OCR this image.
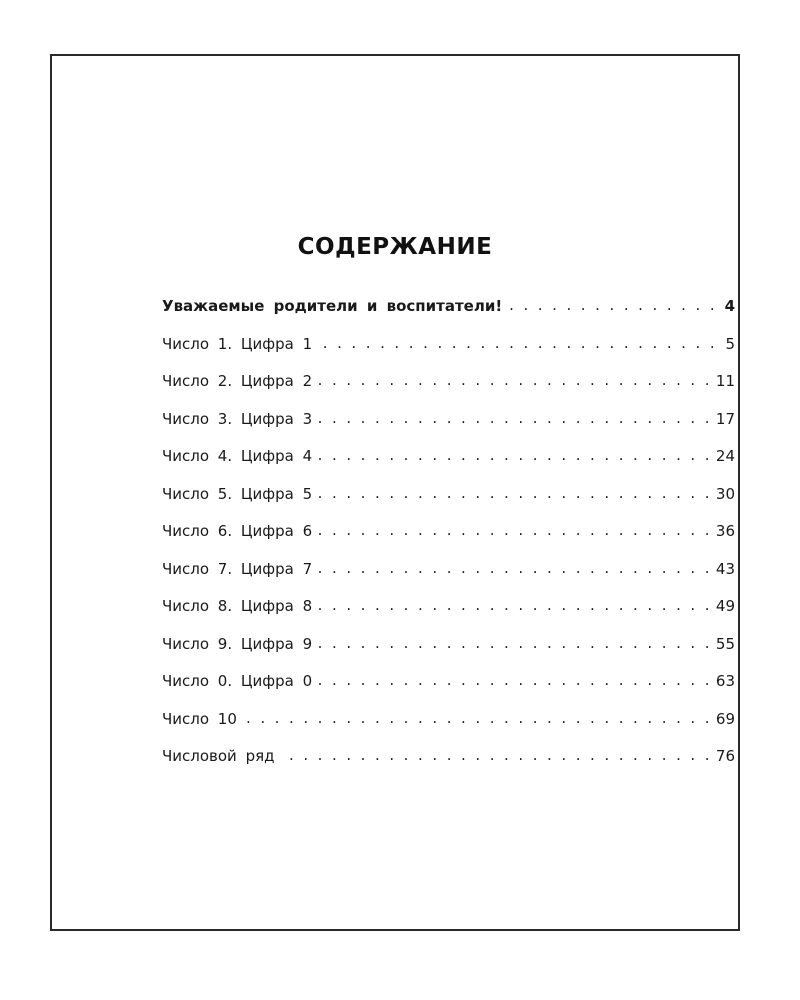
СОДЕРЖАНИЕ
Уважаемые родители и воспитатели! . . .	4
Число 1. Цифра 1 . . .	5
Число 2. Цифра 2 . . .	11
Число 3. Цифра 3 . . .	17
Число 4. Цифра 4 . . .	24
Число 5. Цифра 5 . . .	30
Число 6. Цифра 6 . . .	36
Число 7. Цифра 7 . . .	43
Число 8. Цифра 8 . . .	49
Число 9. Цифра 9 . . .	55
Число 0. Цифра 0 . . .	63
Число 10 . . .	69
Числовой ряд . . .	76
